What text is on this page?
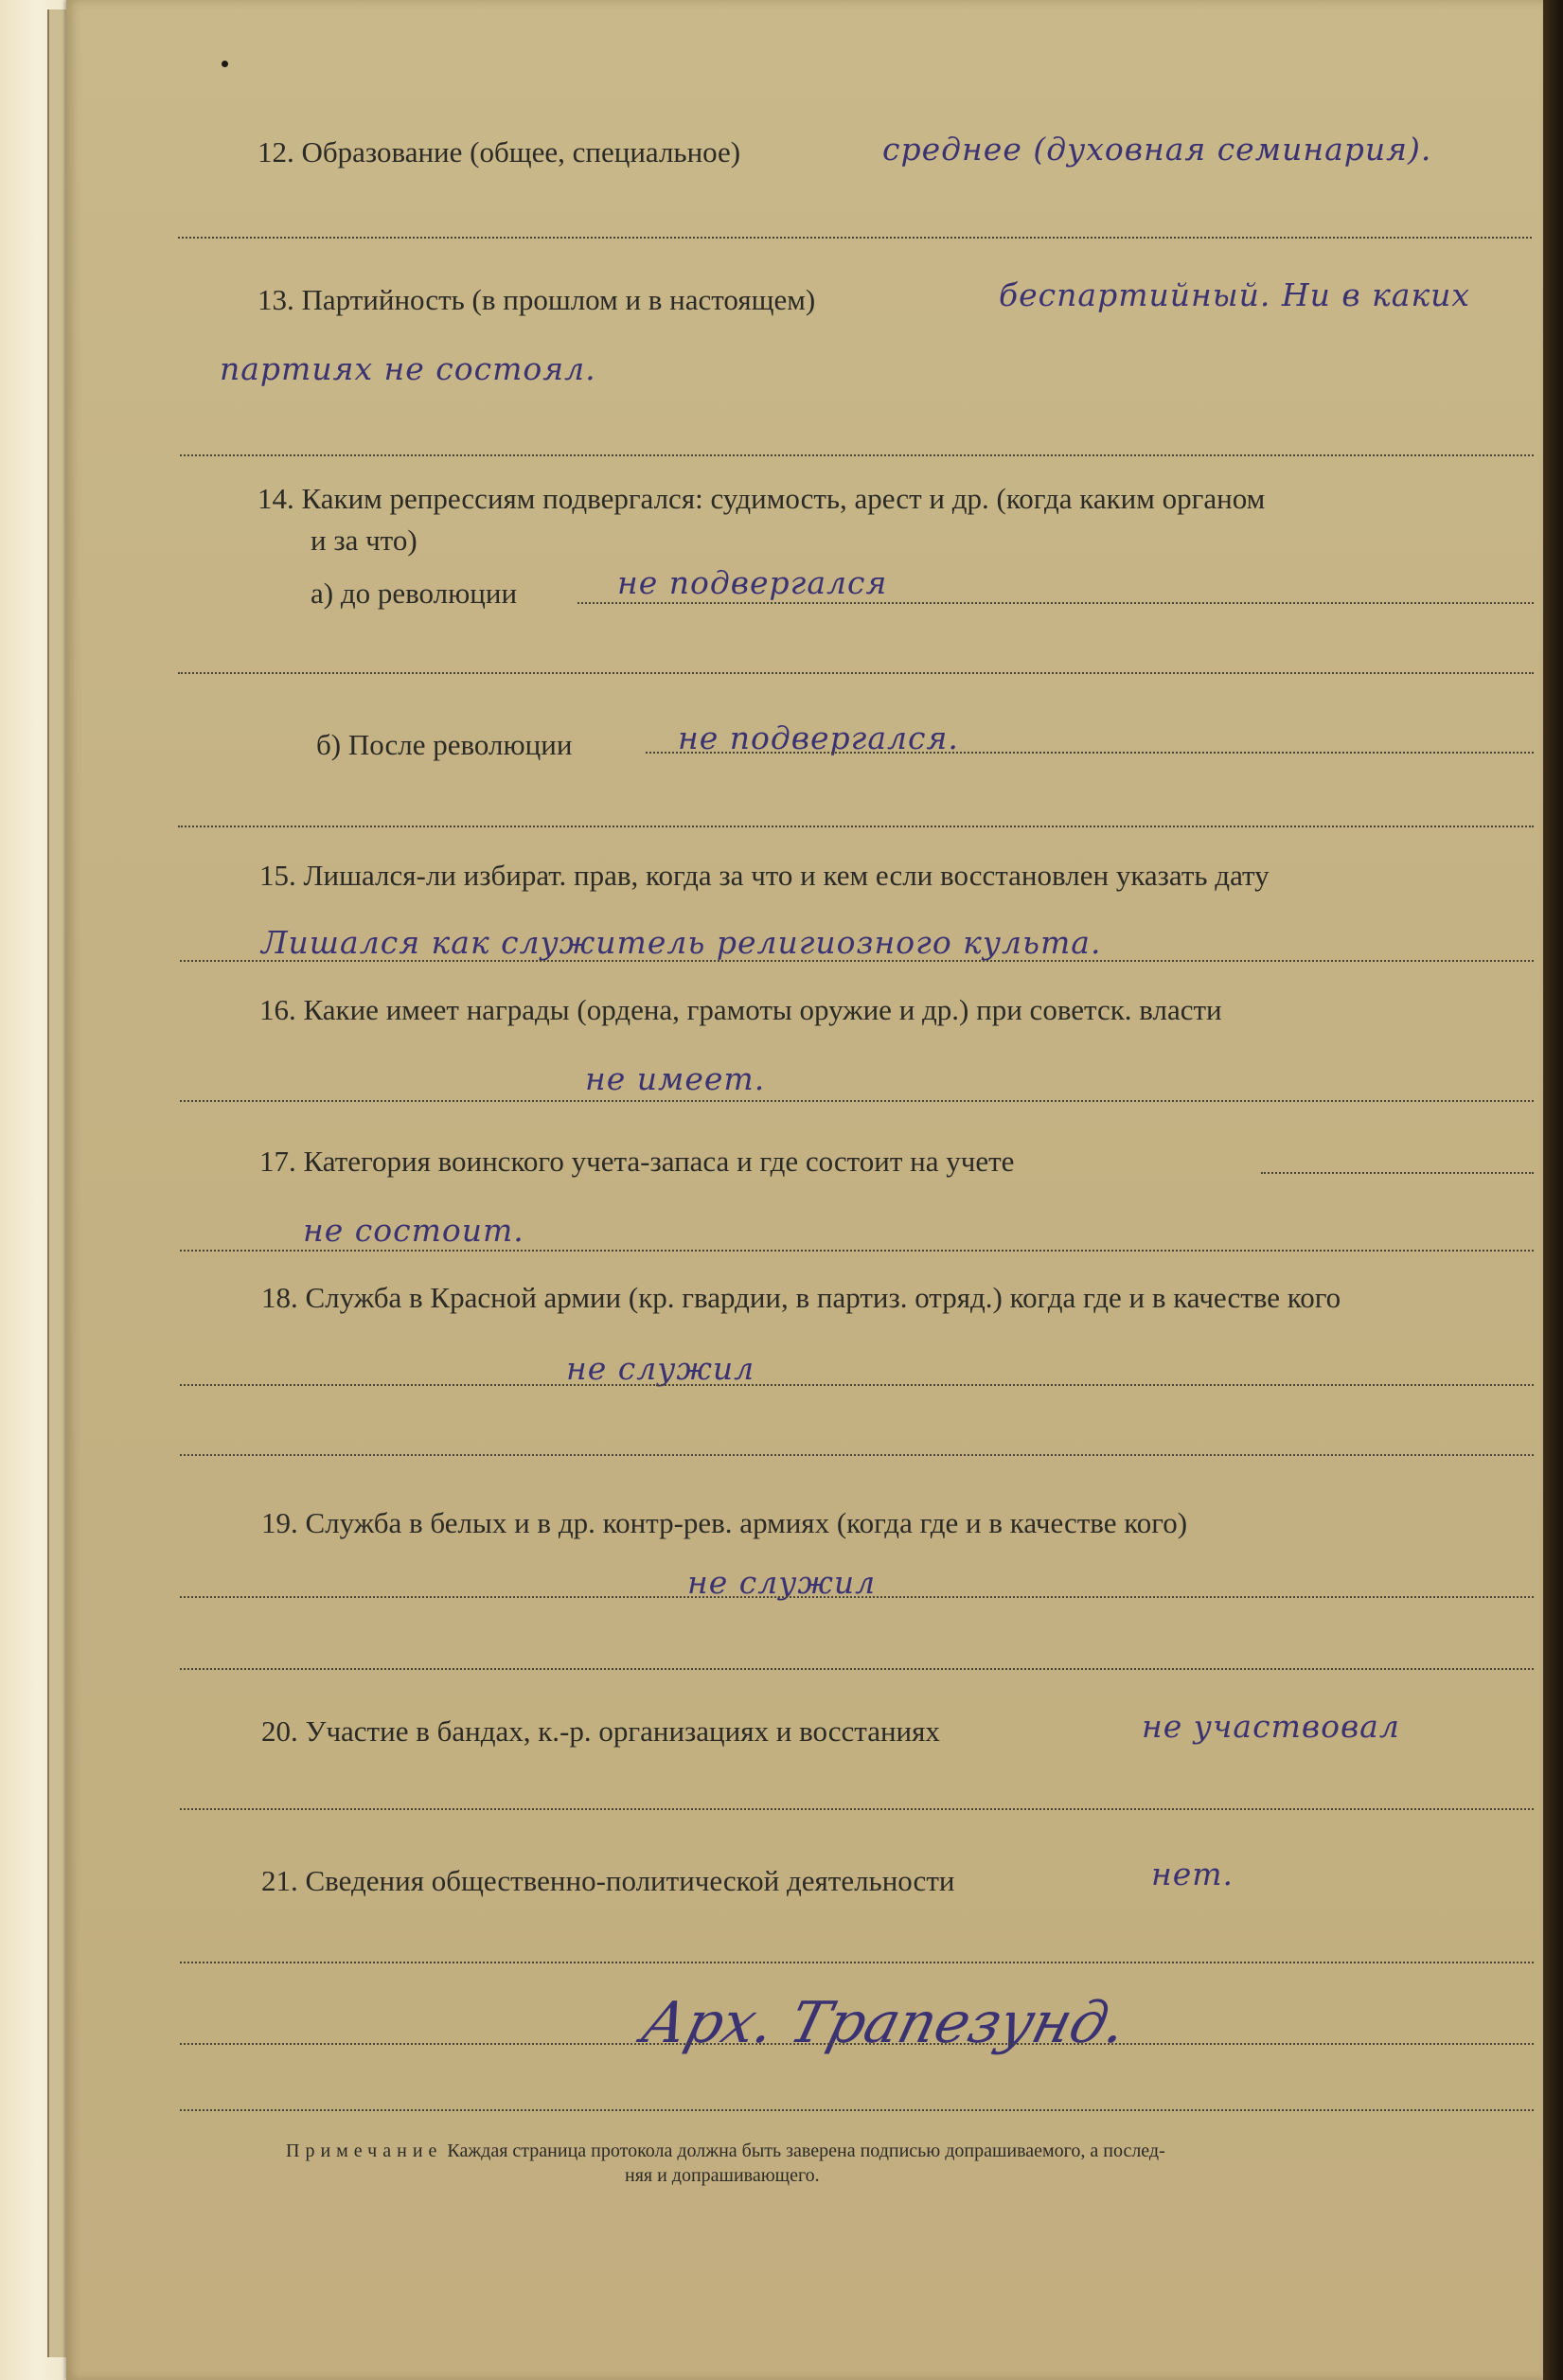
12. Образование (общее, специальное)	среднее (духовная семинария).
13. Партийность (в прошлом и в настоящем)	беспартийный. Ни в каких
партиях не состоял.
14. Каким репрессиям подвергался: судимость, арест и др. (когда каким органом
и за что)
а) до революции	не подвергался
б) После революции	не подвергался.
15. Лишался-ли избират. прав, когда за что и кем если восстановлен указать дату
Лишался как служитель религиозного культа.
16. Какие имеет награды (ордена, грамоты оружие и др.) при советск. власти
не имеет.
17. Категория воинского учета-запаса и где состоит на учете
не состоит.
18. Служба в Красной армии (кр. гвардии, в партиз. отряд.) когда где и в качестве кого
не служил
19. Служба в белых и в др. контр-рев. армиях (когда где и в качестве кого)
не служил
20. Участие в бандах, к.-р. организациях и восстаниях	не участвовал
21. Сведения общественно-политической деятельности	нет.
Арх. Трапезунд.
Примечание Каждая страница протокола должна быть заверена подписью допрашиваемого, а послед-
няя и допрашивающего.
